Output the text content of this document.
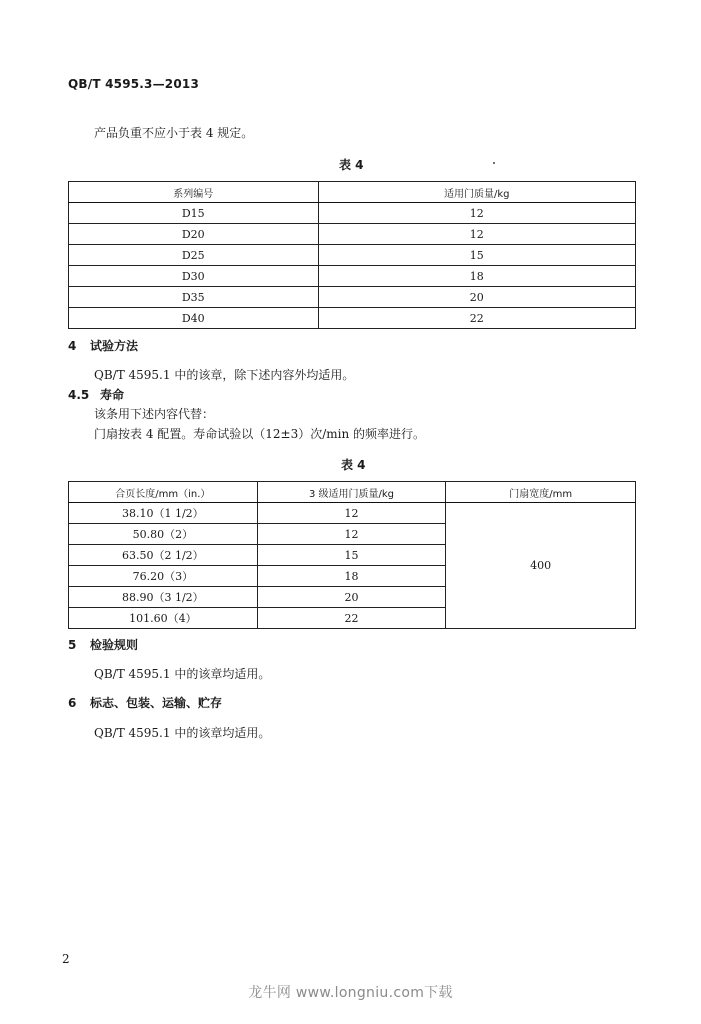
QB/T 4595.3—2013
产品负重不应小于表 4 规定。
表 4
系列编号	适用门质量/kg
D15	12
D20	12
D25	15
D30	18
D35	20
D40	22
4 试验方法
QB/T 4595.1 中的该章，除下述内容外均适用。
4.5 寿命
该条用下述内容代替：
门扇按表 4 配置。寿命试验以（12±3）次/min 的频率进行。
表 4
合页长度/mm（in.）	3 级适用门质量/kg	门扇宽度/mm
38.10（1 1/2）	12	400
50.80（2）	12	
63.50（2 1/2）	15	
76.20（3）	18	
88.90（3 1/2）	20	
101.60（4）	22	
5 检验规则
QB/T 4595.1 中的该章均适用。
6 标志、包装、运输、贮存
QB/T 4595.1 中的该章均适用。
2
龙牛网 www.longniu.com下载
